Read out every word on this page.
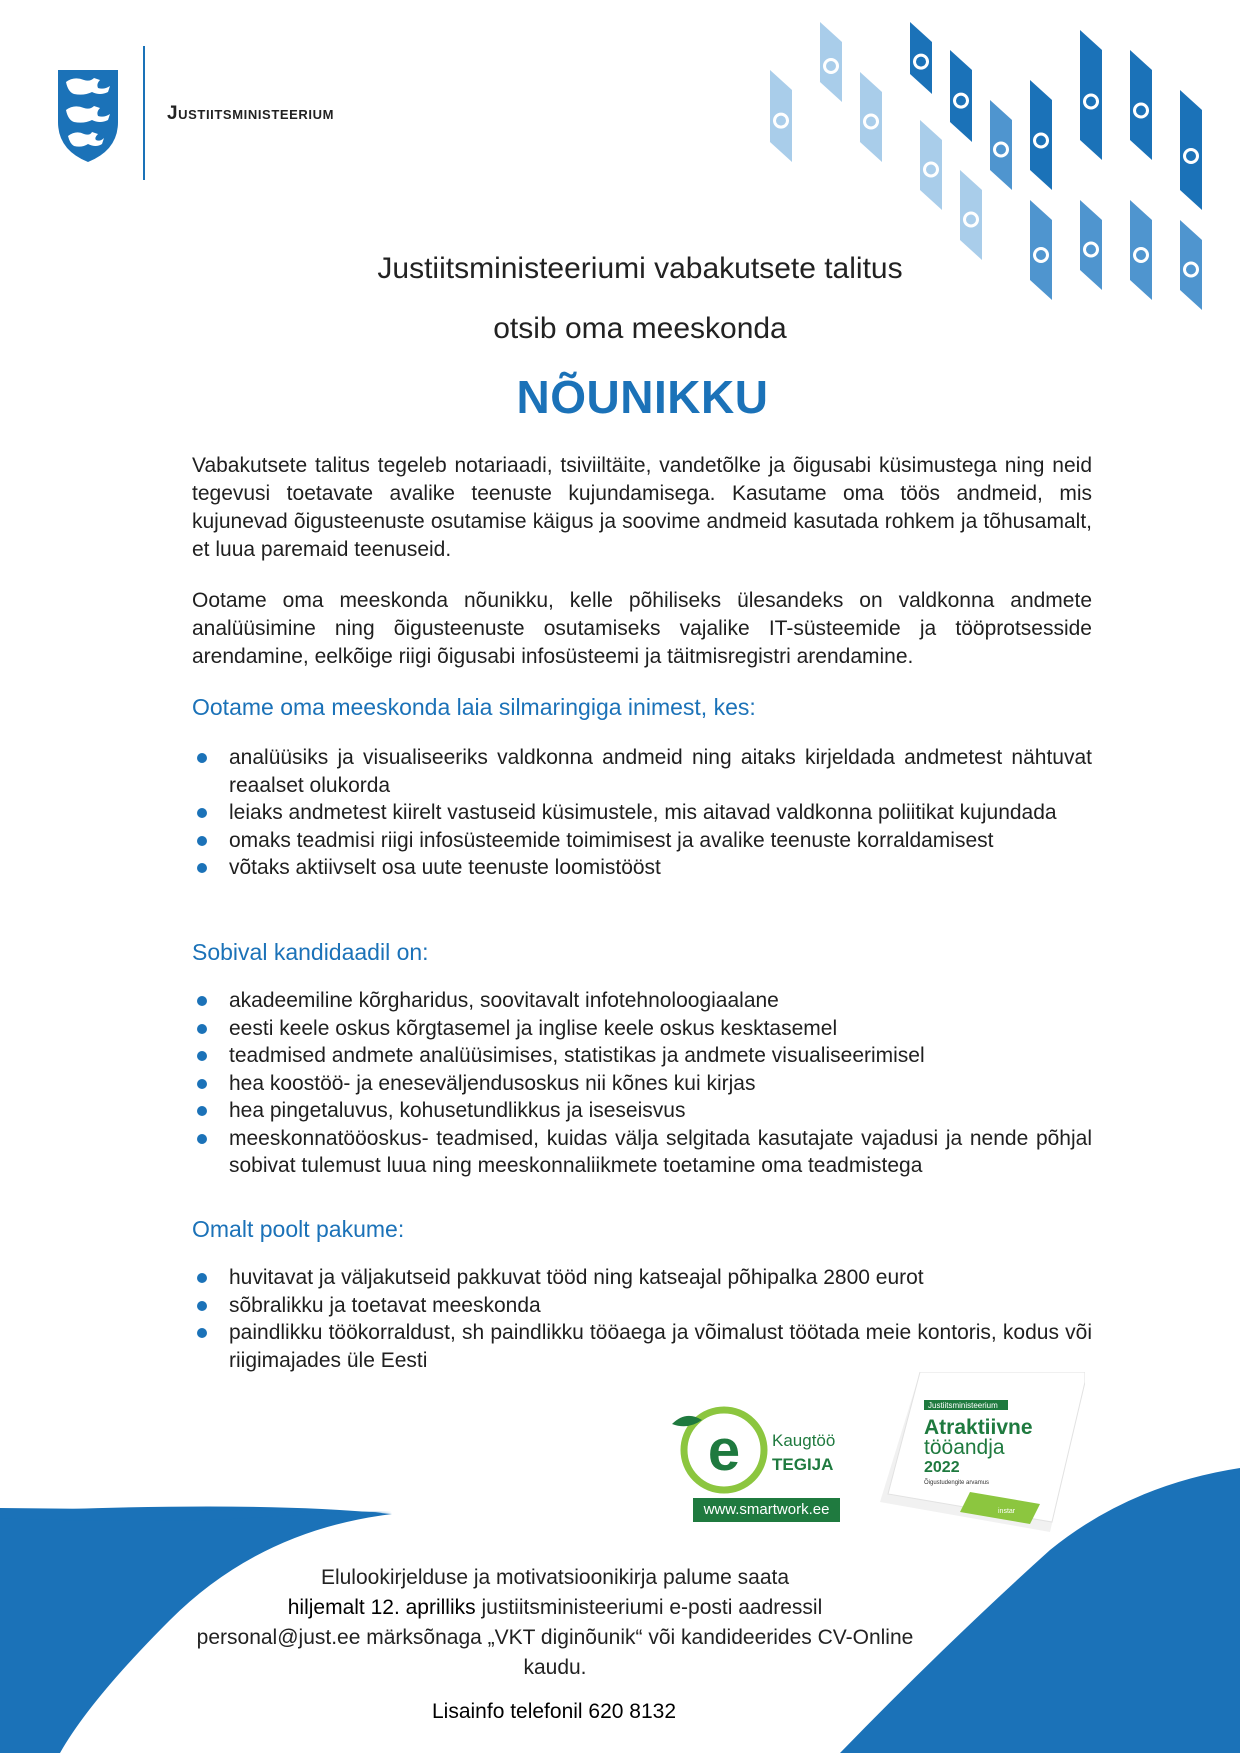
Justiitsministeerium
Justiitsministeeriumi vabakutsete talitus
otsib oma meeskonda
NÕUNIKKU

Vabakutsete talitus tegeleb notariaadi, tsiviiltäite, vandetõlke ja õigusabi küsimustega ning neid tegevusi toetavate avalike teenuste kujundamisega. Kasutame oma töös andmeid, mis kujunevad õigusteenuste osutamise käigus ja soovime andmeid kasutada rohkem ja tõhusamalt, et luua paremaid teenuseid.

Ootame oma meeskonda nõunikku, kelle põhiliseks ülesandeks on valdkonna andmete analüüsimine ning õigusteenuste osutamiseks vajalike IT-süsteemide ja tööprotsesside arendamine, eelkõige riigi õigusabi infosüsteemi ja täitmisregistri arendamine.

Ootame oma meeskonda laia silmaringiga inimest, kes:
analüüsiks ja visualiseeriks valdkonna andmeid ning aitaks kirjeldada andmetest nähtuvat reaalset olukorda
leiaks andmetest kiirelt vastuseid küsimustele, mis aitavad valdkonna poliitikat kujundada
omaks teadmisi riigi infosüsteemide toimimisest ja avalike teenuste korraldamisest
võtaks aktiivselt osa uute teenuste loomistööst
Sobival kandidaadil on:
akadeemiline kõrgharidus, soovitavalt infotehnoloogiaalane
eesti keele oskus kõrgtasemel ja inglise keele oskus kesktasemel
teadmised andmete analüüsimises, statistikas ja andmete visualiseerimisel
hea koostöö- ja eneseväljendusoskus nii kõnes kui kirjas
hea pingetaluvus, kohusetundlikkus ja iseseisvus
meeskonnatööoskus- teadmised, kuidas välja selgitada kasutajate vajadusi ja nende põhjal sobivat tulemust luua ning meeskonnaliikmete toetamine oma teadmistega
Omalt poolt pakume:
huvitavat ja väljakutseid pakkuvat tööd ning katseajal põhipalka 2800 eurot
sõbralikku ja toetavat meeskonda
paindlikku töökorraldust, sh paindlikku tööaega ja võimalust töötada meie kontoris, kodus või riigimajades üle Eesti
e Kaugtöö
TEGIJA
www.smartwork.ee
Justiitsministeerium
Atraktiivne
tööandja
2022
Õigustudengite arvamus
instar
Elulookirjelduse ja motivatsioonikirja palume saata
hiljemalt 12. aprilliks justiitsministeeriumi e-posti aadressil
personal@just.ee märksõnaga „VKT diginõunik“ või kandideerides CV-Online kaudu.
Lisainfo telefonil 620 8132
